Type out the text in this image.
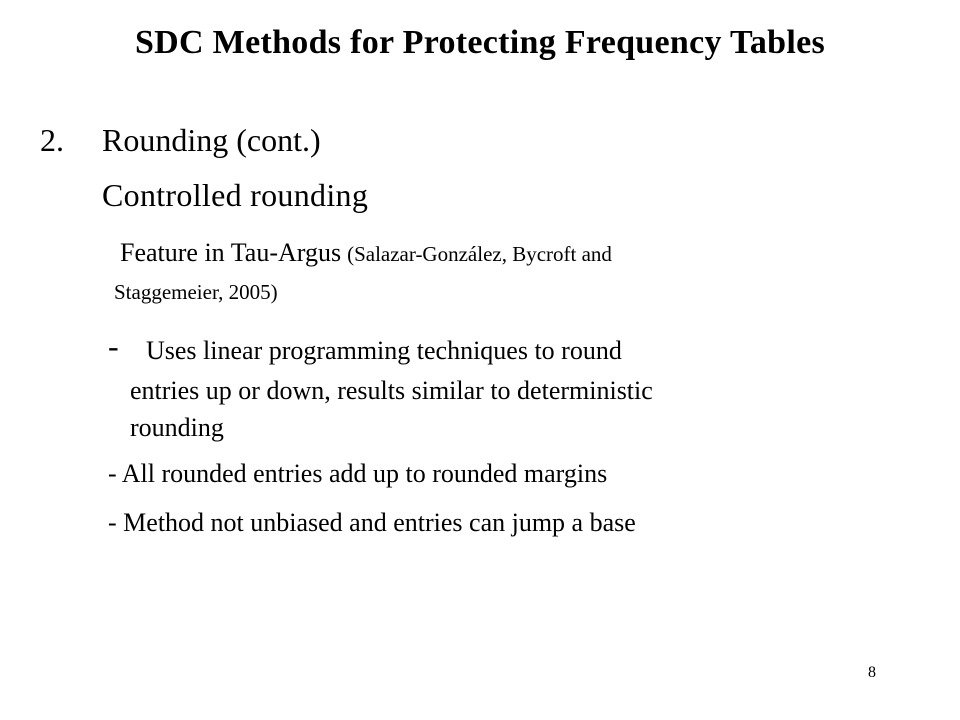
SDC Methods for Protecting Frequency Tables
2. Rounding (cont.)
Controlled rounding
Feature in Tau-Argus (Salazar-González, Bycroft and
Staggemeier, 2005)
- Uses linear programming techniques to round
entries up or down, results similar to deterministic
rounding
- All rounded entries add up to rounded margins
- Method not unbiased and entries can jump a base
8
